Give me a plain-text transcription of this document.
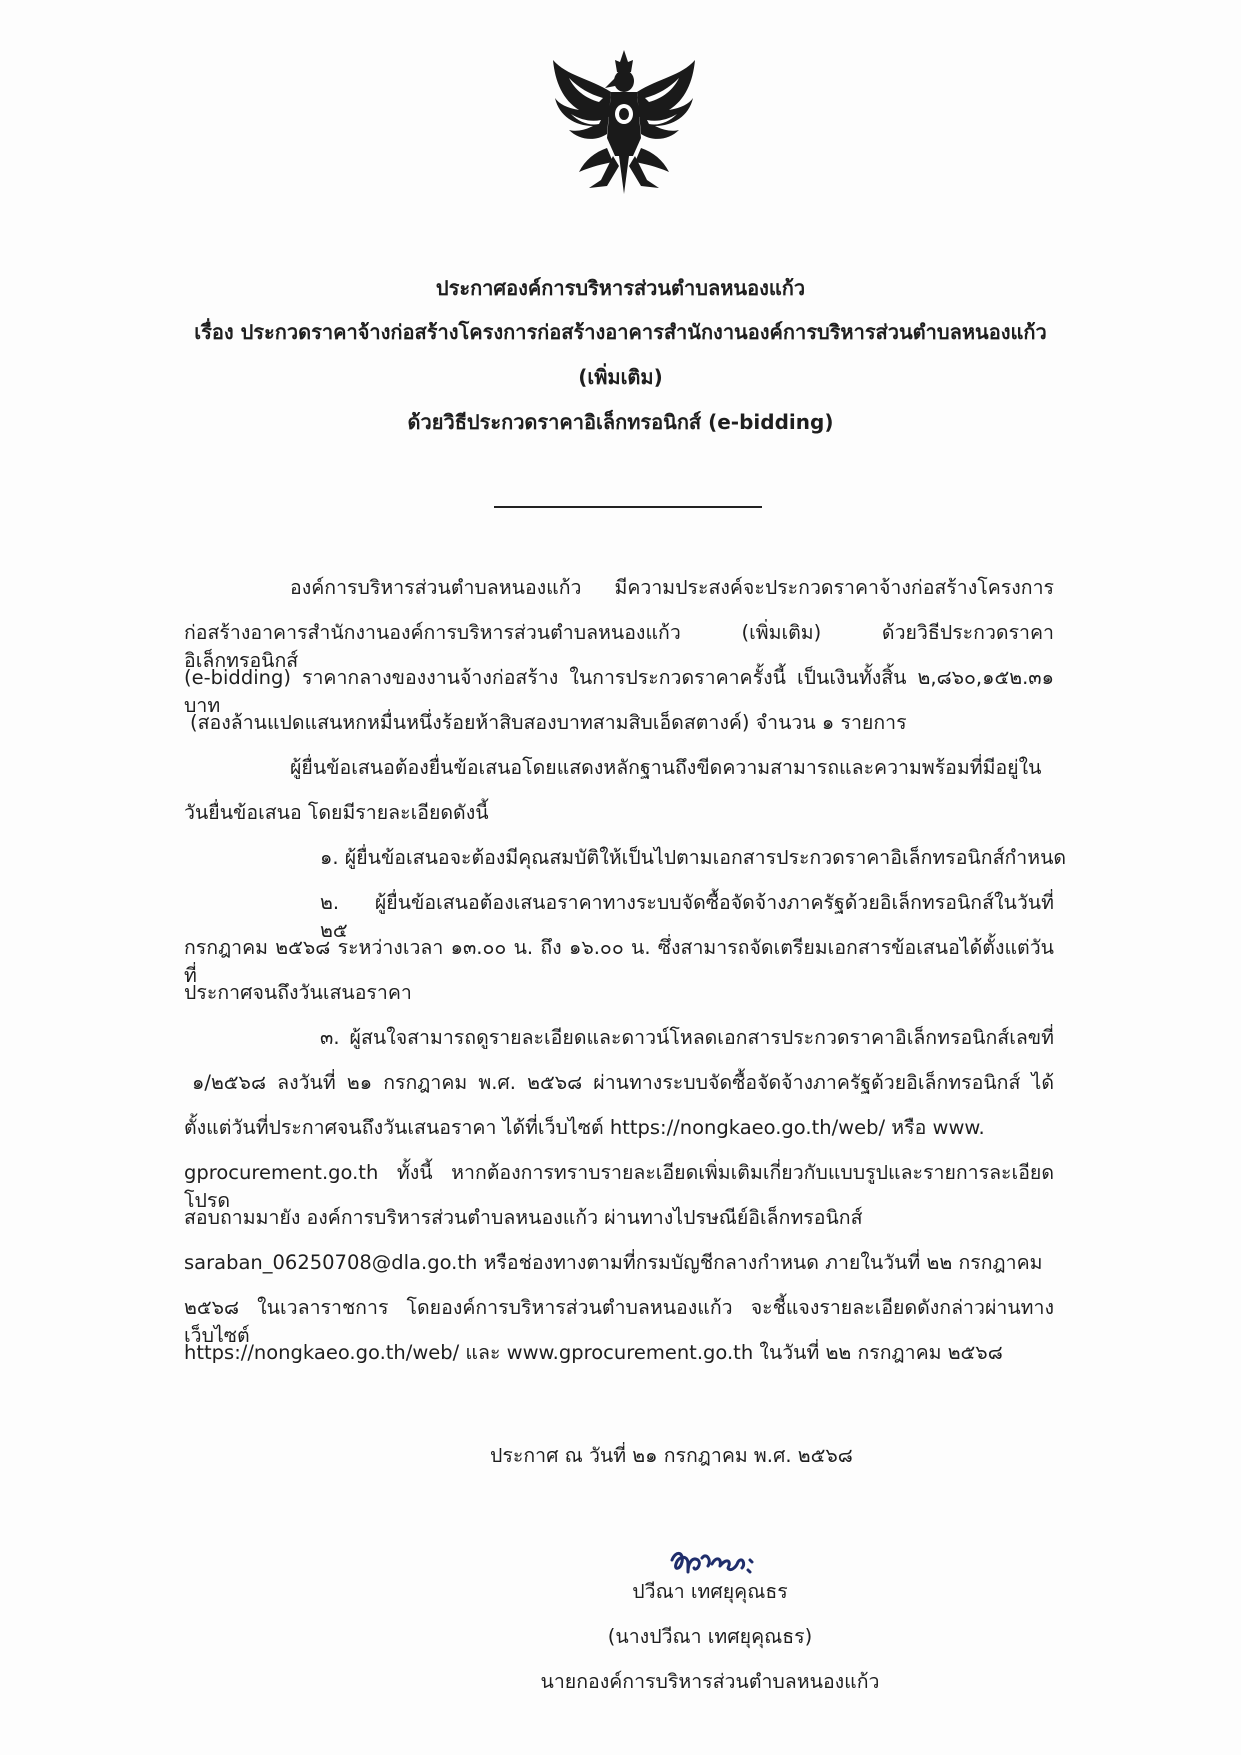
ประกาศองค์การบริหารส่วนตำบลหนองแก้ว
เรื่อง ประกวดราคาจ้างก่อสร้างโครงการก่อสร้างอาคารสำนักงานองค์การบริหารส่วนตำบลหนองแก้ว
(เพิ่มเติม)
ด้วยวิธีประกวดราคาอิเล็กทรอนิกส์ (e-bidding)
องค์การบริหารส่วนตำบลหนองแก้ว มีความประสงค์จะประกวดราคาจ้างก่อสร้างโครงการ
ก่อสร้างอาคารสำนักงานองค์การบริหารส่วนตำบลหนองแก้ว (เพิ่มเติม) ด้วยวิธีประกวดราคาอิเล็กทรอนิกส์
(e-bidding) ราคากลางของงานจ้างก่อสร้าง ในการประกวดราคาครั้งนี้ เป็นเงินทั้งสิ้น ๒,๘๖๐,๑๕๒.๓๑ บาท
(สองล้านแปดแสนหกหมื่นหนึ่งร้อยห้าสิบสองบาทสามสิบเอ็ดสตางค์) จำนวน ๑ รายการ
ผู้ยื่นข้อเสนอต้องยื่นข้อเสนอโดยแสดงหลักฐานถึงขีดความสามารถและความพร้อมที่มีอยู่ใน
วันยื่นข้อเสนอ โดยมีรายละเอียดดังนี้
๑. ผู้ยื่นข้อเสนอจะต้องมีคุณสมบัติให้เป็นไปตามเอกสารประกวดราคาอิเล็กทรอนิกส์กำหนด
๒. ผู้ยื่นข้อเสนอต้องเสนอราคาทางระบบจัดซื้อจัดจ้างภาครัฐด้วยอิเล็กทรอนิกส์ในวันที่ ๒๕
กรกฎาคม ๒๕๖๘ ระหว่างเวลา ๑๓.๐๐ น. ถึง ๑๖.๐๐ น. ซึ่งสามารถจัดเตรียมเอกสารข้อเสนอได้ตั้งแต่วันที่
ประกาศจนถึงวันเสนอราคา
๓. ผู้สนใจสามารถดูรายละเอียดและดาวน์โหลดเอกสารประกวดราคาอิเล็กทรอนิกส์เลขที่
๑/๒๕๖๘ ลงวันที่ ๒๑ กรกฎาคม พ.ศ. ๒๕๖๘ ผ่านทางระบบจัดซื้อจัดจ้างภาครัฐด้วยอิเล็กทรอนิกส์ ได้
ตั้งแต่วันที่ประกาศจนถึงวันเสนอราคา ได้ที่เว็บไซต์ https://nongkaeo.go.th/web/ หรือ www.
gprocurement.go.th ทั้งนี้ หากต้องการทราบรายละเอียดเพิ่มเติมเกี่ยวกับแบบรูปและรายการละเอียด โปรด
สอบถามมายัง องค์การบริหารส่วนตำบลหนองแก้ว ผ่านทางไปรษณีย์อิเล็กทรอนิกส์
saraban_06250708@dla.go.th หรือช่องทางตามที่กรมบัญชีกลางกำหนด ภายในวันที่ ๒๒ กรกฎาคม
๒๕๖๘ ในเวลาราชการ โดยองค์การบริหารส่วนตำบลหนองแก้ว จะชี้แจงรายละเอียดดังกล่าวผ่านทางเว็บไซต์
https://nongkaeo.go.th/web/ และ www.gprocurement.go.th ในวันที่ ๒๒ กรกฎาคม ๒๕๖๘
ประกาศ ณ วันที่ ๒๑ กรกฎาคม พ.ศ. ๒๕๖๘
ปวีณา เทศยุคุณธร
(นางปวีณา เทศยุคุณธร)
นายกองค์การบริหารส่วนตำบลหนองแก้ว
